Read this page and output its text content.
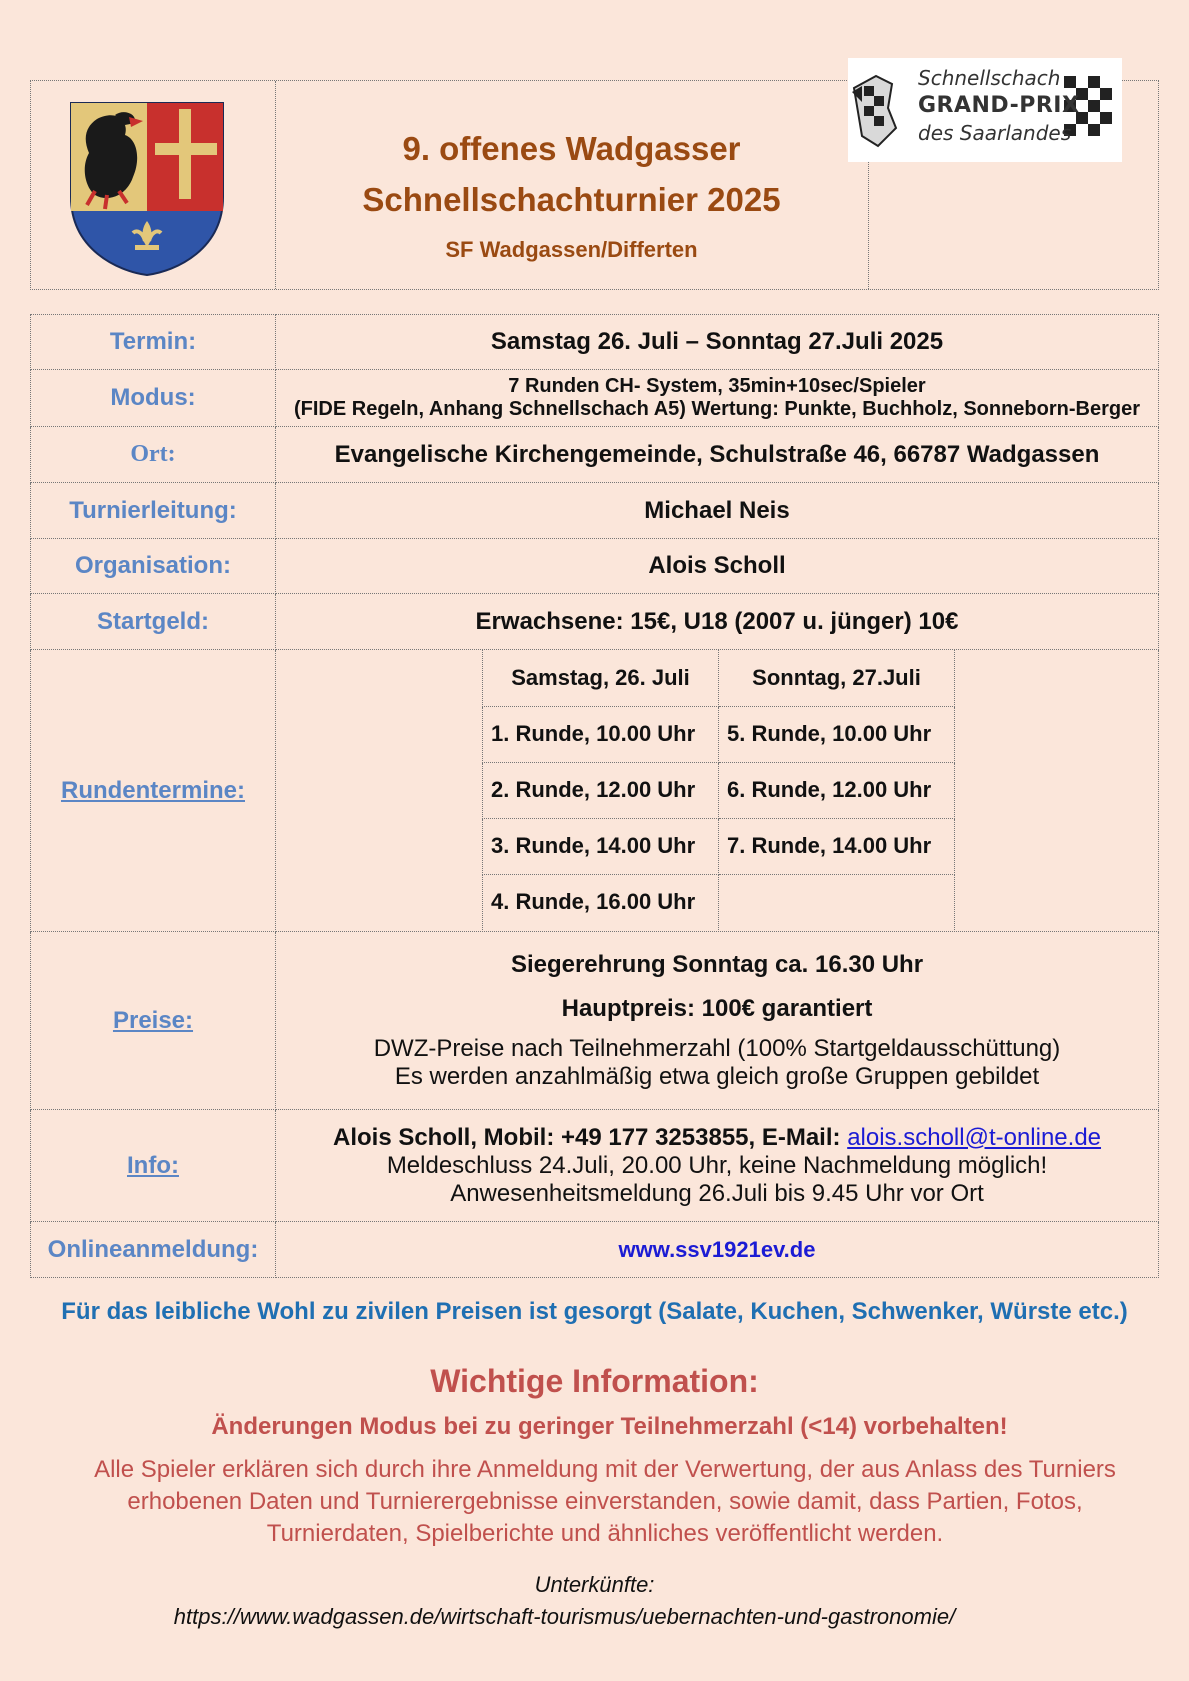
9. offenes Wadgasser
Schnellschachturnier 2025
SF Wadgassen/Differten
Schnellschach
GRAND-PRIX
des Saarlandes
Termin:	Samstag 26. Juli – Sonntag 27.Juli 2025
Modus:	7 Runden CH- System, 35min+10sec/Spieler
(FIDE Regeln, Anhang Schnellschach A5) Wertung: Punkte, Buchholz, Sonneborn-Berger

Ort:	Evangelische Kirchengemeinde, Schulstraße 46, 66787 Wadgassen
Turnierleitung:	Michael Neis
Organisation:	Alois Scholl
Startgeld:	Erwachsene: 15€, U18 (2007 u. jünger) 10€
Rundentermine:	
Samstag, 26. Juli	Sonntag, 27.Juli
1. Runde, 10.00 Uhr	5. Runde, 10.00 Uhr
2. Runde, 12.00 Uhr	6. Runde, 12.00 Uhr
3. Runde, 14.00 Uhr	7. Runde, 14.00 Uhr
4. Runde, 16.00 Uhr	

Preise:	
Siegerehrung Sonntag ca. 16.30 Uhr
Hauptpreis: 100€ garantiert
DWZ-Preise nach Teilnehmerzahl (100% Startgeldausschüttung)
Es werden anzahlmäßig etwa gleich große Gruppen gebildet

Info:	
Alois Scholl, Mobil: +49 177 3253855, E-Mail: alois.scholl@t-online.de
Meldeschluss 24.Juli, 20.00 Uhr, keine Nachmeldung möglich!
Anwesenheitsmeldung 26.Juli bis 9.45 Uhr vor Ort

Onlineanmeldung:	www.ssv1921ev.de
Für das leibliche Wohl zu zivilen Preisen ist gesorgt (Salate, Kuchen, Schwenker, Würste etc.)
Wichtige Information:
Änderungen Modus bei zu geringer Teilnehmerzahl (<14) vorbehalten!
Alle Spieler erklären sich durch ihre Anmeldung mit der Verwertung, der aus Anlass des Turniers
erhobenen Daten und Turnierergebnisse einverstanden, sowie damit, dass Partien, Fotos,
Turnierdaten, Spielberichte und ähnliches veröffentlicht werden.
Unterkünfte:
https://www.wadgassen.de/wirtschaft-tourismus/uebernachten-und-gastronomie/
